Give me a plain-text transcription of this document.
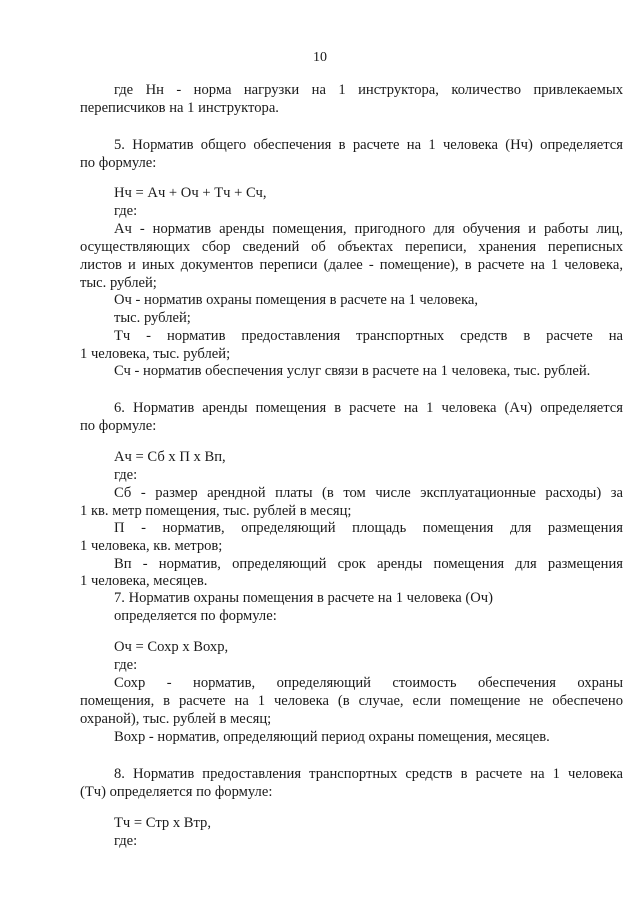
10
где Нн - норма нагрузки на 1 инструктора, количество привлекаемых
переписчиков на 1 инструктора.
5. Норматив общего обеспечения в расчете на 1 человека (Нч) определяется
по формуле:
Нч = Ач + Оч + Тч + Сч,
где:
Ач - норматив аренды помещения, пригодного для обучения и работы лиц,
осуществляющих сбор сведений об объектах переписи, хранения переписных
листов и иных документов переписи (далее - помещение), в расчете на 1 человека,
тыс. рублей;
Оч - норматив охраны помещения в расчете на 1 человека,
тыс. рублей;
Тч - норматив предоставления транспортных средств в расчете на
1 человека, тыс. рублей;
Сч - норматив обеспечения услуг связи в расчете на 1 человека, тыс. рублей.
6. Норматив аренды помещения в расчете на 1 человека (Ач) определяется
по формуле:
Ач = Сб х П х Вп,
где:
Сб - размер арендной платы (в том числе эксплуатационные расходы) за
1 кв. метр помещения, тыс. рублей в месяц;
П - норматив, определяющий площадь помещения для размещения
1 человека, кв. метров;
Вп - норматив, определяющий срок аренды помещения для размещения
1 человека, месяцев.
7. Норматив охраны помещения в расчете на 1 человека (Оч)
определяется по формуле:
Оч = Сохр х Вохр,
где:
Сохр - норматив, определяющий стоимость обеспечения охраны
помещения, в расчете на 1 человека (в случае, если помещение не обеспечено
охраной), тыс. рублей в месяц;
Вохр - норматив, определяющий период охраны помещения, месяцев.
8. Норматив предоставления транспортных средств в расчете на 1 человека
(Тч) определяется по формуле:
Тч = Стр х Втр,
где:
